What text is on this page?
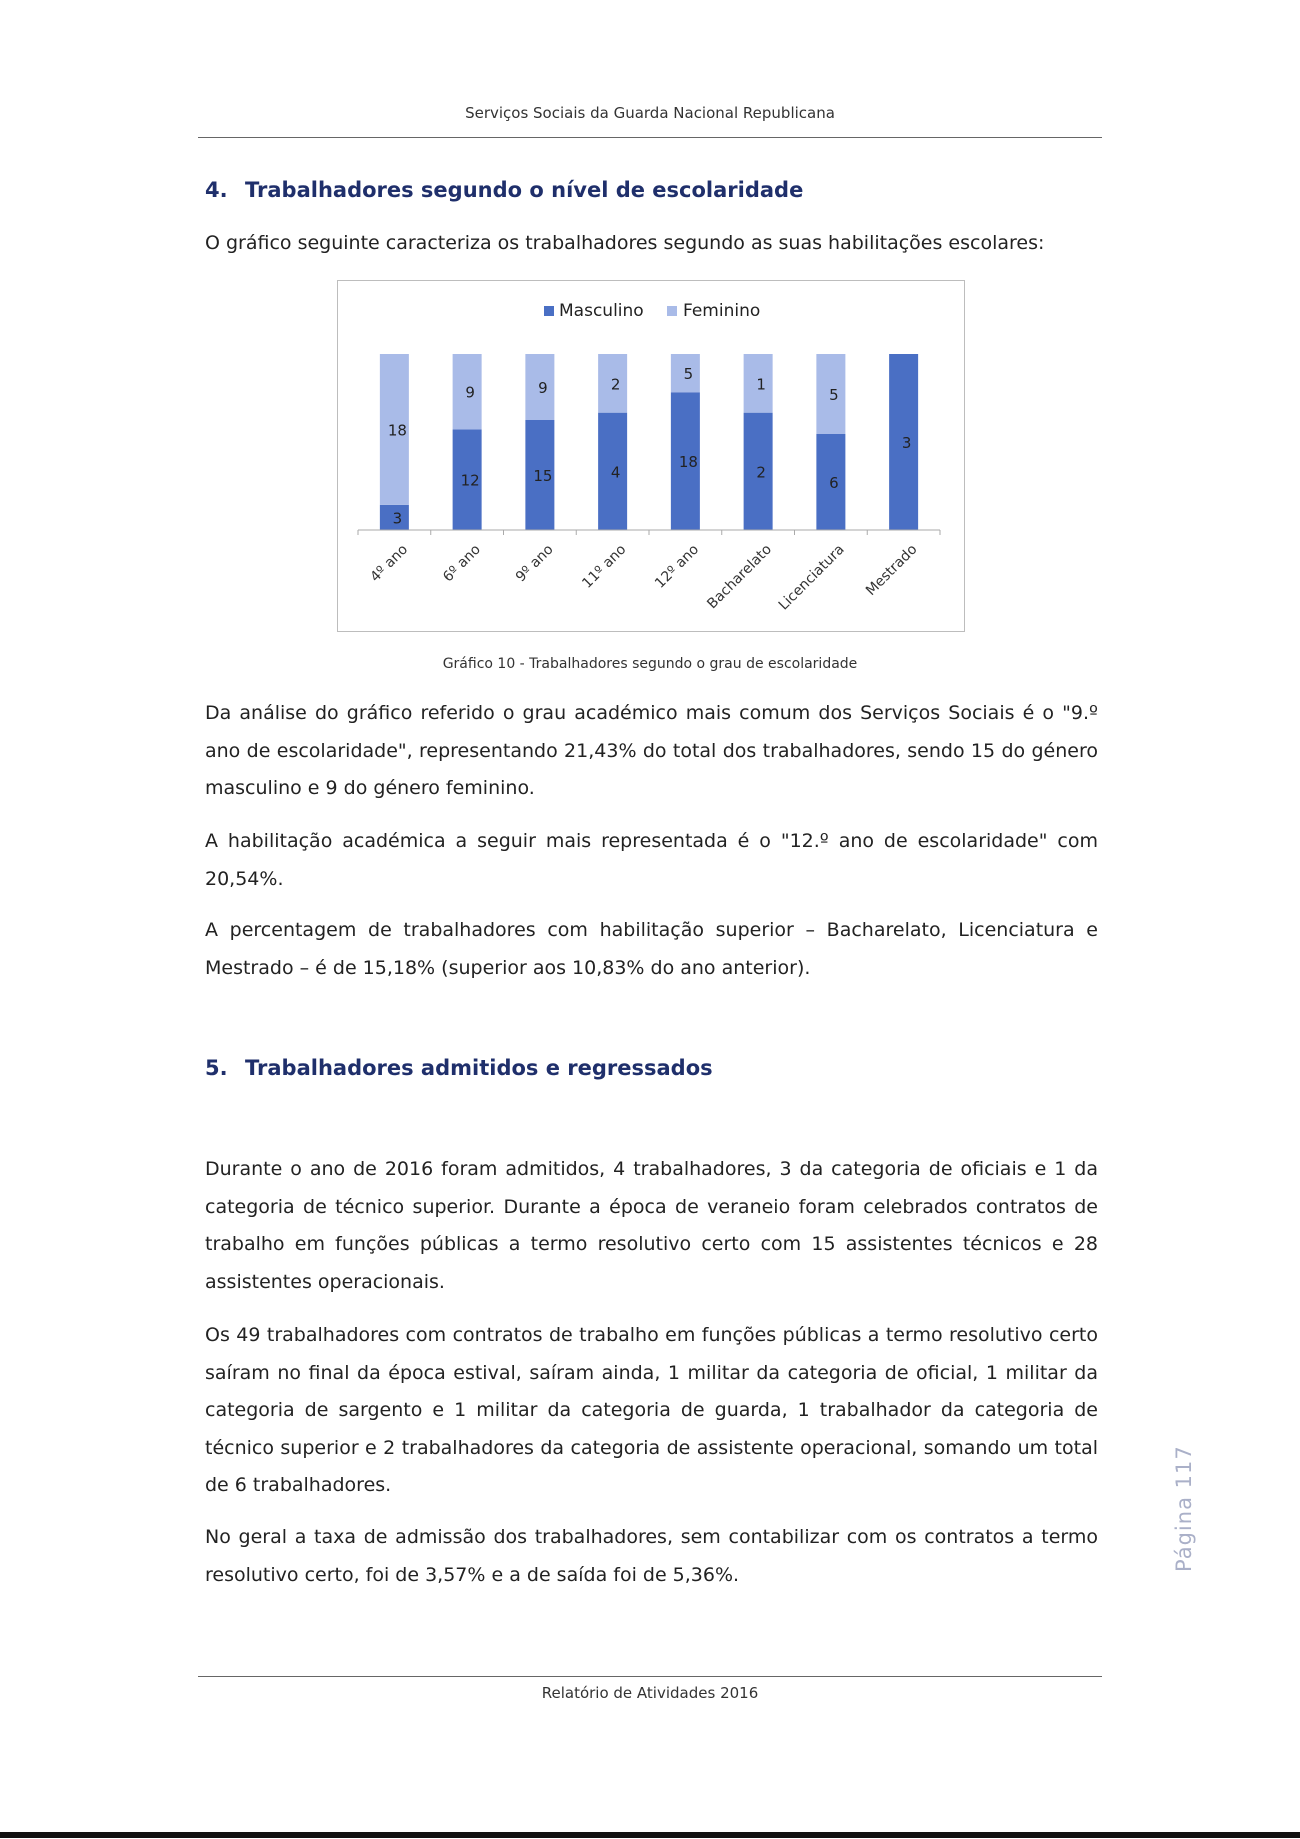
Serviços Sociais da Guarda Nacional Republicana
4. Trabalhadores segundo o nível de escolaridade
O gráfico seguinte caracteriza os trabalhadores segundo as suas habilitações escolares:
Masculino Feminino
3
18
12
9
15
9
4
2
18
5
2
1
6
5
3
4º ano 6º ano 9º ano 11º ano 12º ano Bacharelato Licenciatura Mestrado
Gráfico 10 - Trabalhadores segundo o grau de escolaridade
Da análise do gráfico referido o grau académico mais comum dos Serviços Sociais é o "9.º ano de escolaridade", representando 21,43% do total dos trabalhadores, sendo 15 do género masculino e 9 do género feminino.
A habilitação académica a seguir mais representada é o "12.º ano de escolaridade" com 20,54%.
A percentagem de trabalhadores com habilitação superior – Bacharelato, Licenciatura e Mestrado – é de 15,18% (superior aos 10,83% do ano anterior).
5. Trabalhadores admitidos e regressados
Durante o ano de 2016 foram admitidos, 4 trabalhadores, 3 da categoria de oficiais e 1 da categoria de técnico superior. Durante a época de veraneio foram celebrados contratos de trabalho em funções públicas a termo resolutivo certo com 15 assistentes técnicos e 28 assistentes operacionais.
Os 49 trabalhadores com contratos de trabalho em funções públicas a termo resolutivo certo saíram no final da época estival, saíram ainda, 1 militar da categoria de oficial, 1 militar da categoria de sargento e 1 militar da categoria de guarda, 1 trabalhador da categoria de técnico superior e 2 trabalhadores da categoria de assistente operacional, somando um total de 6 trabalhadores.
No geral a taxa de admissão dos trabalhadores, sem contabilizar com os contratos a termo resolutivo certo, foi de 3,57% e a de saída foi de 5,36%.
Página 117
Relatório de Atividades 2016
